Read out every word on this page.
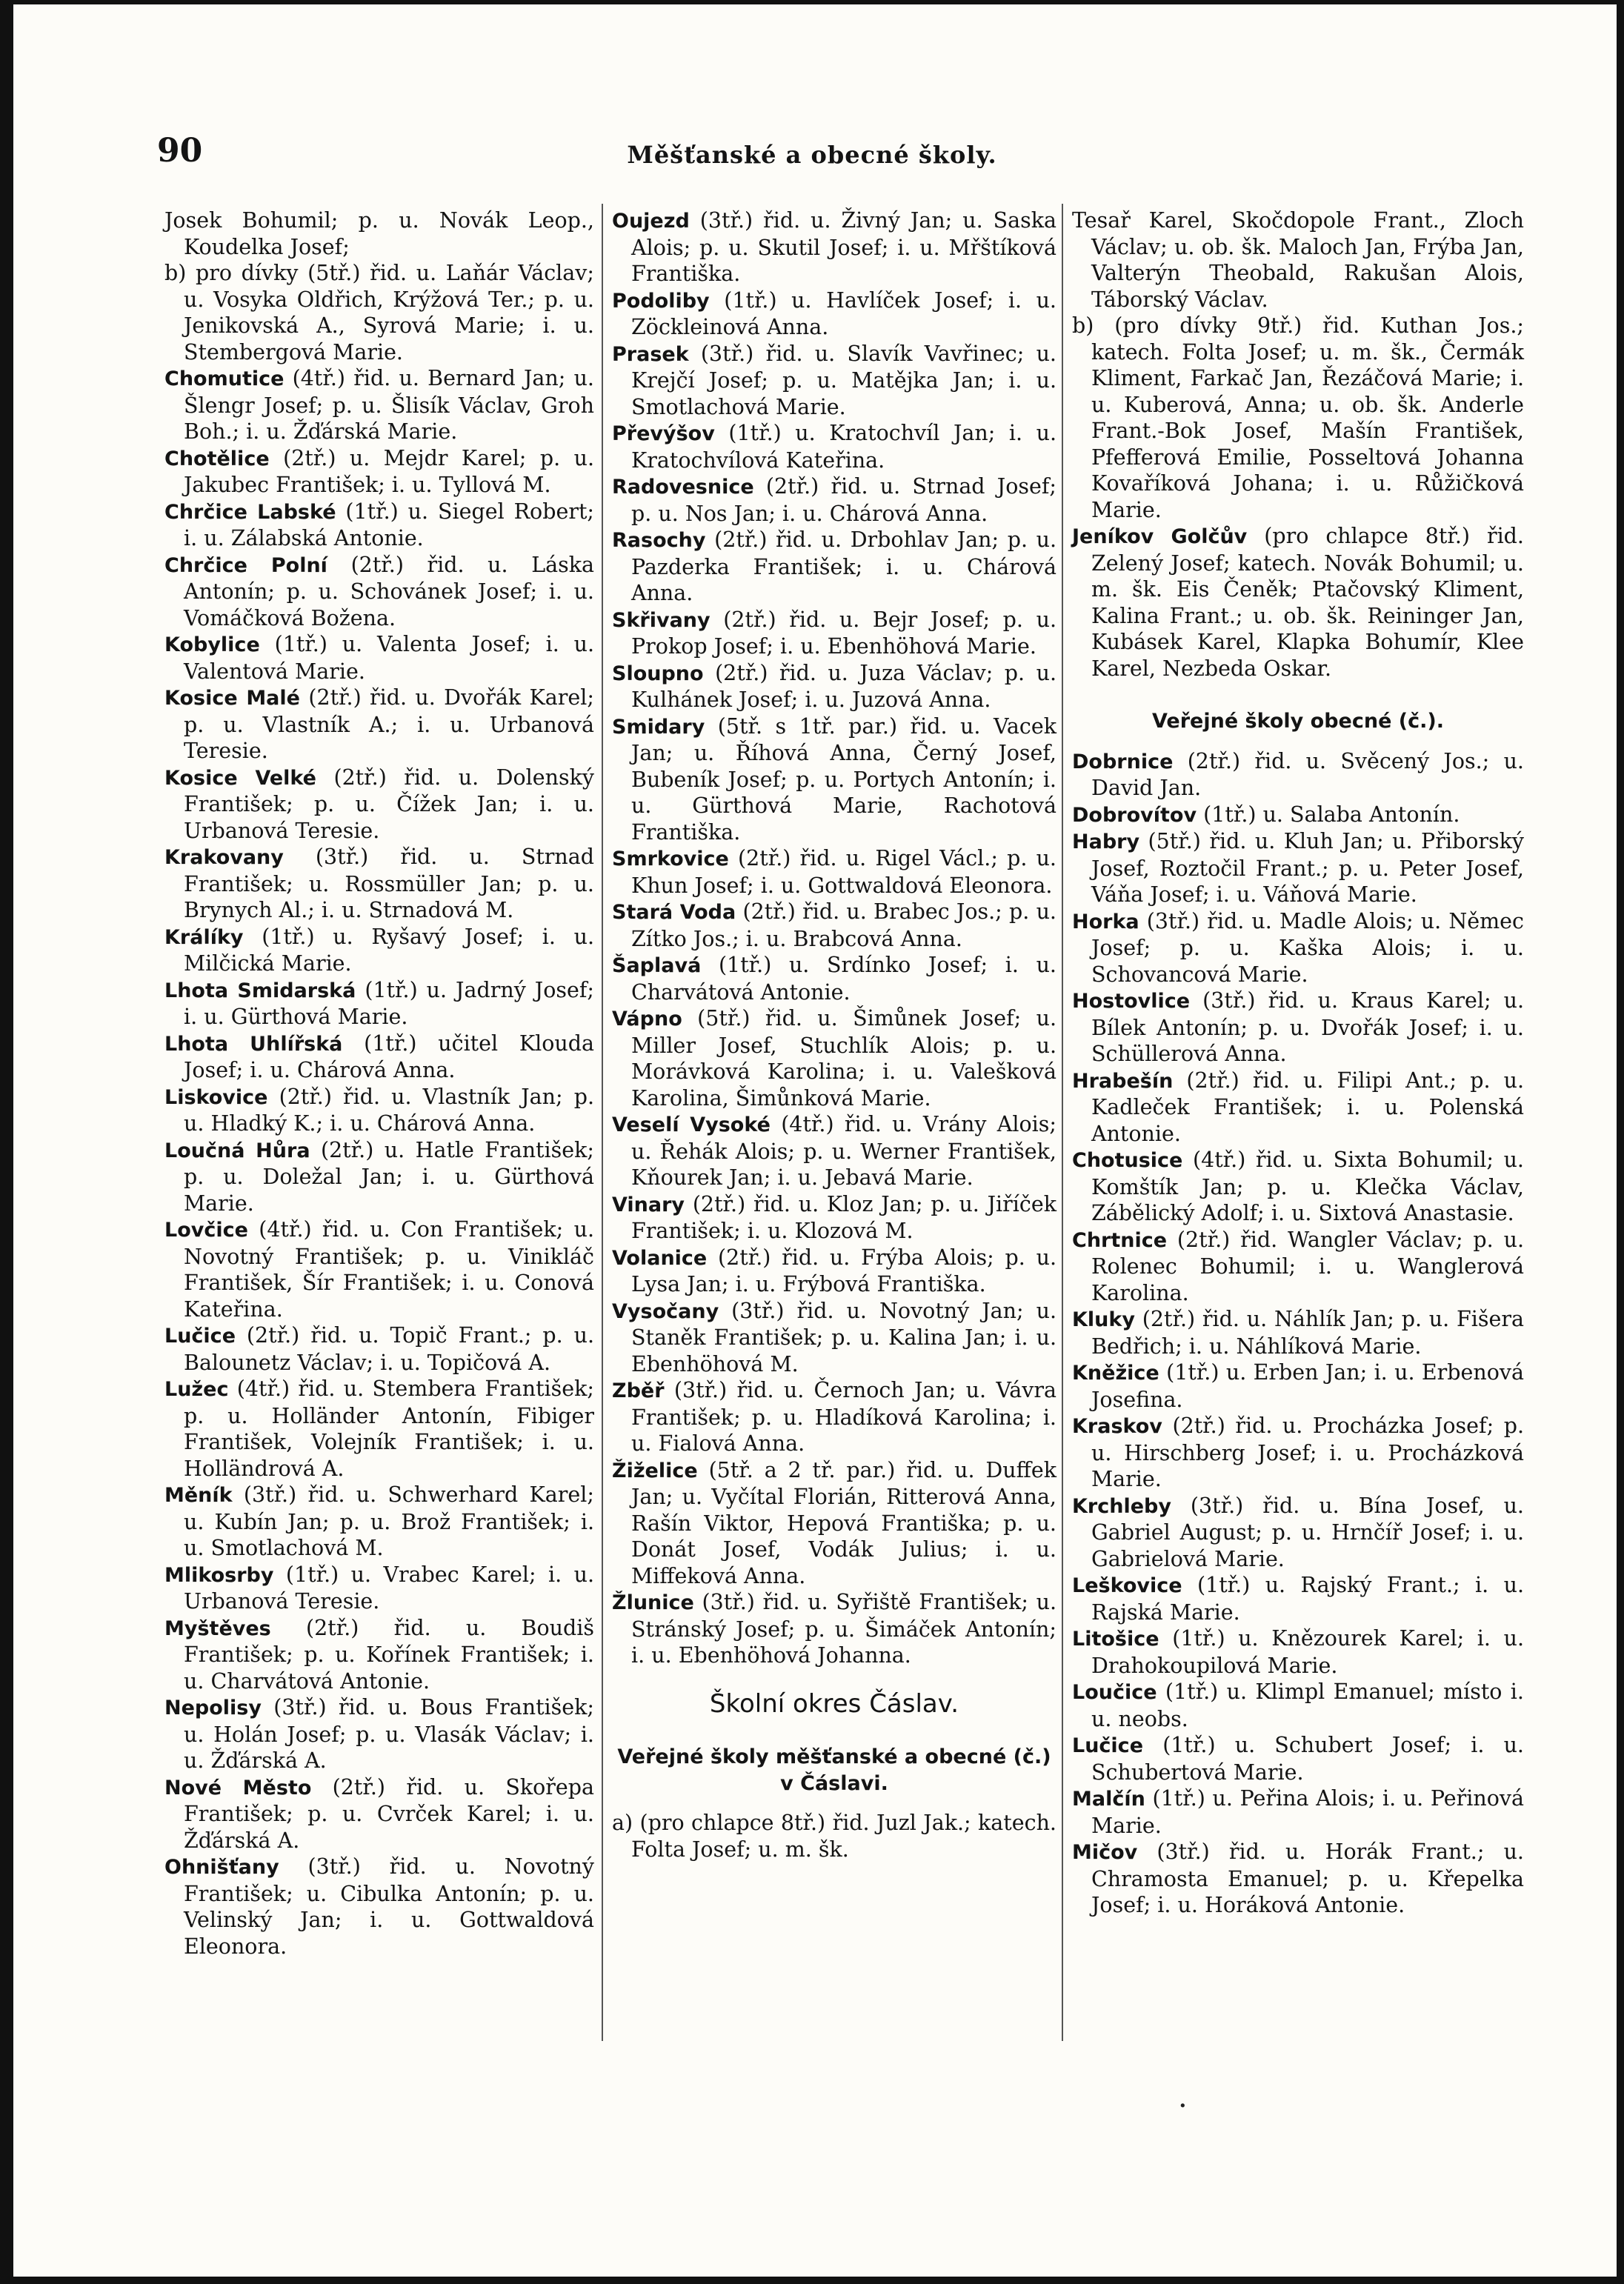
90	Měšťanské a obecné školy.

Josek Bohumil; p. u. Novák Leop., Koudelka Josef;

b) pro dívky (5tř.) řid. u. Laňár Václav; u. Vosyka Oldřich, Krýžová Ter.; p. u. Jenikovská A., Syrová Marie; i. u. Stembergová Marie.

Chomutice (4tř.) řid. u. Bernard Jan; u. Šlengr Josef; p. u. Šlisík Václav, Groh Boh.; i. u. Žďárská Marie.

Chotělice (2tř.) u. Mejdr Karel; p. u. Jakubec František; i. u. Tyllová M.

Chrčice Labské (1tř.) u. Siegel Robert; i. u. Zálabská Antonie.

Chrčice Polní (2tř.) řid. u. Láska Antonín; p. u. Schovánek Josef; i. u. Vomáčková Božena.

Kobylice (1tř.) u. Valenta Josef; i. u. Valentová Marie.

Kosice Malé (2tř.) řid. u. Dvořák Karel; p. u. Vlastník A.; i. u. Urbanová Teresie.

Kosice Velké (2tř.) řid. u. Dolenský František; p. u. Čížek Jan; i. u. Urbanová Teresie.

Krakovany (3tř.) řid. u. Strnad František; u. Rossmüller Jan; p. u. Brynych Al.; i. u. Strnadová M.

Králíky (1tř.) u. Ryšavý Josef; i. u. Milčická Marie.

Lhota Smidarská (1tř.) u. Jadrný Josef; i. u. Gürthová Marie.

Lhota Uhlířská (1tř.) učitel Klouda Josef; i. u. Chárová Anna.

Liskovice (2tř.) řid. u. Vlastník Jan; p. u. Hladký K.; i. u. Chárová Anna.

Loučná Hůra (2tř.) u. Hatle František; p. u. Doležal Jan; i. u. Gürthová Marie.

Lovčice (4tř.) řid. u. Con František; u. Novotný František; p. u. Vinikláč František, Šír František; i. u. Conová Kateřina.

Lučice (2tř.) řid. u. Topič Frant.; p. u. Balounetz Václav; i. u. Topičová A.

Lužec (4tř.) řid. u. Stembera František; p. u. Holländer Antonín, Fibiger František, Volejník František; i. u. Holländrová A.

Měník (3tř.) řid. u. Schwerhard Karel; u. Kubín Jan; p. u. Brož František; i. u. Smotlachová M.

Mlikosrby (1tř.) u. Vrabec Karel; i. u. Urbanová Teresie.

Myštěves (2tř.) řid. u. Boudiš František; p. u. Kořínek František; i. u. Charvátová Antonie.

Nepolisy (3tř.) řid. u. Bous František; u. Holán Josef; p. u. Vlasák Václav; i. u. Žďárská A.

Nové Město (2tř.) řid. u. Skořepa František; p. u. Cvrček Karel; i. u. Žďárská A.

Ohnišťany (3tř.) řid. u. Novotný František; u. Cibulka Antonín; p. u. Velinský Jan; i. u. Gottwaldová Eleonora.

Oujezd (3tř.) řid. u. Živný Jan; u. Saska Alois; p. u. Skutil Josef; i. u. Mřštíková Františka.

Podoliby (1tř.) u. Havlíček Josef; i. u. Zöckleinová Anna.

Prasek (3tř.) řid. u. Slavík Vavřinec; u. Krejčí Josef; p. u. Matějka Jan; i. u. Smotlachová Marie.

Převýšov (1tř.) u. Kratochvíl Jan; i. u. Kratochvílová Kateřina.

Radovesnice (2tř.) řid. u. Strnad Josef; p. u. Nos Jan; i. u. Chárová Anna.

Rasochy (2tř.) řid. u. Drbohlav Jan; p. u. Pazderka František; i. u. Chárová Anna.

Skřivany (2tř.) řid. u. Bejr Josef; p. u. Prokop Josef; i. u. Ebenhöhová Marie.

Sloupno (2tř.) řid. u. Juza Václav; p. u. Kulhánek Josef; i. u. Juzová Anna.

Smidary (5tř. s 1tř. par.) řid. u. Vacek Jan; u. Říhová Anna, Černý Josef, Bubeník Josef; p. u. Portych Antonín; i. u. Gürthová Marie, Rachotová Františka.

Smrkovice (2tř.) řid. u. Rigel Václ.; p. u. Khun Josef; i. u. Gottwaldová Eleonora.

Stará Voda (2tř.) řid. u. Brabec Jos.; p. u. Zítko Jos.; i. u. Brabcová Anna.

Šaplavá (1tř.) u. Srdínko Josef; i. u. Charvátová Antonie.

Vápno (5tř.) řid. u. Šimůnek Josef; u. Miller Josef, Stuchlík Alois; p. u. Morávková Karolina; i. u. Valešková Karolina, Šimůnková Marie.

Veselí Vysoké (4tř.) řid. u. Vrány Alois; u. Řehák Alois; p. u. Werner František, Kňourek Jan; i. u. Jebavá Marie.

Vinary (2tř.) řid. u. Kloz Jan; p. u. Jiříček František; i. u. Klozová M.

Volanice (2tř.) řid. u. Frýba Alois; p. u. Lysa Jan; i. u. Frýbová Františka.

Vysočany (3tř.) řid. u. Novotný Jan; u. Staněk František; p. u. Kalina Jan; i. u. Ebenhöhová M.

Zběř (3tř.) řid. u. Černoch Jan; u. Vávra František; p. u. Hladíková Karolina; i. u. Fialová Anna.

Žiželice (5tř. a 2 tř. par.) řid. u. Duffek Jan; u. Vyčítal Florián, Ritterová Anna, Rašín Viktor, Hepová Františka; p. u. Donát Josef, Vodák Julius; i. u. Miffeková Anna.

Žlunice (3tř.) řid. u. Syřiště František; u. Stránský Josef; p. u. Šimáček Antonín; i. u. Ebenhöhová Johanna.

Školní okres Čáslav.

Veřejné školy měšťanské a obecné (č.) v Čáslavi.

a) (pro chlapce 8tř.) řid. Juzl Jak.; katech. Folta Josef; u. m. šk.

Tesař Karel, Skočdopole Frant., Zloch Václav; u. ob. šk. Maloch Jan, Frýba Jan, Valterýn Theobald, Rakušan Alois, Táborský Václav.

b) (pro dívky 9tř.) řid. Kuthan Jos.; katech. Folta Josef; u. m. šk., Čermák Kliment, Farkač Jan, Řezáčová Marie; i. u. Kuberová, Anna; u. ob. šk. Anderle Frant.-Bok Josef, Mašín František, Pfefferová Emilie, Posseltová Johanna Kovaříková Johana; i. u. Růžičková Marie.

Jeníkov Golčův (pro chlapce 8tř.) řid. Zelený Josef; katech. Novák Bohumil; u. m. šk. Eis Čeněk; Ptačovský Kliment, Kalina Frant.; u. ob. šk. Reininger Jan, Kubásek Karel, Klapka Bohumír, Klee Karel, Nezbeda Oskar.

Veřejné školy obecné (č.).

Dobrnice (2tř.) řid. u. Svěcený Jos.; u. David Jan.

Dobrovítov (1tř.) u. Salaba Antonín.

Habry (5tř.) řid. u. Kluh Jan; u. Přiborský Josef, Roztočil Frant.; p. u. Peter Josef, Váňa Josef; i. u. Váňová Marie.

Horka (3tř.) řid. u. Madle Alois; u. Němec Josef; p. u. Kaška Alois; i. u. Schovancová Marie.

Hostovlice (3tř.) řid. u. Kraus Karel; u. Bílek Antonín; p. u. Dvořák Josef; i. u. Schüllerová Anna.

Hrabešín (2tř.) řid. u. Filipi Ant.; p. u. Kadleček František; i. u. Polenská Antonie.

Chotusice (4tř.) řid. u. Sixta Bohumil; u. Komštík Jan; p. u. Klečka Václav, Zábělický Adolf; i. u. Sixtová Anastasie.

Chrtnice (2tř.) řid. Wangler Václav; p. u. Rolenec Bohumil; i. u. Wanglerová Karolina.

Kluky (2tř.) řid. u. Náhlík Jan; p. u. Fišera Bedřich; i. u. Náhlíková Marie.

Kněžice (1tř.) u. Erben Jan; i. u. Erbenová Josefina.

Kraskov (2tř.) řid. u. Procházka Josef; p. u. Hirschberg Josef; i. u. Procházková Marie.

Krchleby (3tř.) řid. u. Bína Josef, u. Gabriel August; p. u. Hrnčíř Josef; i. u. Gabrielová Marie.

Leškovice (1tř.) u. Rajský Frant.; i. u. Rajská Marie.

Litošice (1tř.) u. Knězourek Karel; i. u. Drahokoupilová Marie.

Loučice (1tř.) u. Klimpl Emanuel; místo i. u. neobs.

Lučice (1tř.) u. Schubert Josef; i. u. Schubertová Marie.

Malčín (1tř.) u. Peřina Alois; i. u. Peřinová Marie.

Mičov (3tř.) řid. u. Horák Frant.; u. Chramosta Emanuel; p. u. Křepelka Josef; i. u. Horáková Antonie.

·
